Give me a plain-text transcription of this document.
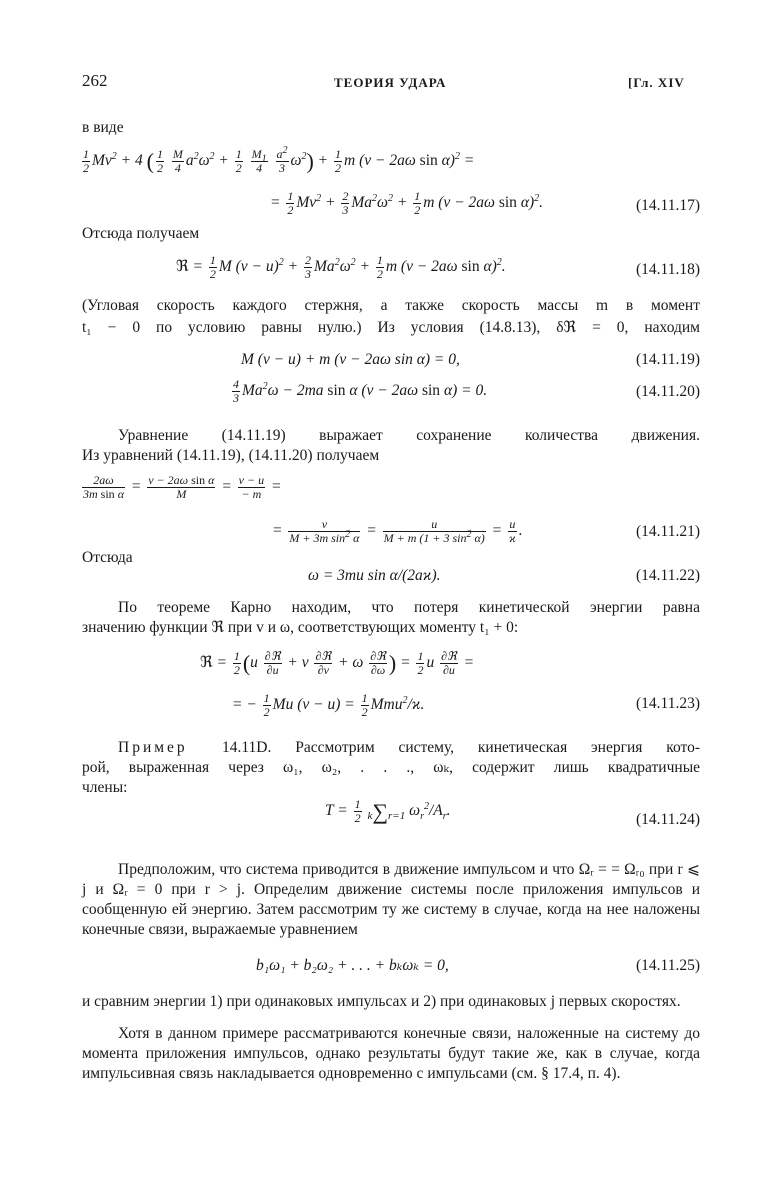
262	ТЕОРИЯ УДАРА	[Гл. XIV
в виде
$\frac{1}{2} Mv^2 + 4$ ( $\frac{1}{2}$
$\frac{M}{4} a^2\omega^2 + \frac{1}{2}$
$\frac{M_1}{4}$
$\frac{a^2}{3} \omega^2) + \frac{1}{2}$ m (v − 2aω sin α)$^2$ =
= $\frac{1}{2} Mv^2 + \frac{2}{3} Ma^2\omega^2 + \frac{1}{2}$ m (v − 2aω sin α)$^2$.	(14.11.17)
Отсюда получаем
ℜ = $\frac{1}{2}$ M $(v - u)^2 + \frac{2}{3} Ma^2\omega^2 + \frac{1}{2}$ m (v − 2aω sin α)$^2$.	(14.11.18)
(Угловая скорость каждого стержня, а также скорость массы m в момент
t₁ − 0 по условию равны нулю.) Из условия (14.8.13), δℜ = 0, находим
M (v − u) + m (v − 2aω sin α) = 0,	(14.11.19)
$\frac{4}{3} Ma^2\omega - 2ma$ sin α (v − 2aω sin α) = 0.	(14.11.20)
Уравнение (14.11.19) выражает сохранение количества движения.
Из уравнений (14.11.19), (14.11.20) получаем
$\frac{2a\omega}{\text{3m sin α}} = \frac{\text{v − 2aω sin α}}{M} = \frac{v - u}{- m}$ =
= $\frac{v}{M + 3m \sin^2 \alpha} = \frac{u}{M + m (1 + 3 \sin^2 \alpha)} = \frac{u}{ϰ}$ .	(14.11.21)
Отсюда
ω = 3mu sin α/(2aϰ).	(14.11.22)
По теореме Карно находим, что потеря кинетической энергии равна
значению функции ℜ при v и ω, соответствующих моменту t₁ + 0:
ℜ = $\frac{1}{2} (u \frac{\text{∂ℜ}}{\partial u} + v \frac{\text{∂ℜ}}{\partial v} + \omega \frac{\text{∂ℜ}}{\partial\omega}$ ) = $\frac{1}{2}$ u $\frac{\text{∂ℜ}}{\partial u}$ =
= − $\frac{1}{2}$ Mu $(v - u) = \frac{1}{2} Mmu^2/ϰ$.	(14.11.23)
Пример 14.11D. Рассмотрим систему, кинетическая энергия кото-
рой, выраженная через ω₁, ω₂, . . ., ωₖ, содержит лишь квадратичные
члены:
$T = \frac{1}{2} k\sum r=1$ $\omega_r^2/A_r$.
(14.11.24)
Предположим, что система приводится в движение импульсом и что Ωᵣ = = Ωᵣ₀ при r ⩽ j и Ωᵣ = 0 при r > j. Определим движение системы после приложения импульсов и сообщенную ей энергию. Затем рассмотрим ту же систему в случае, когда на нее наложены конечные связи, выражаемые уравнением
b₁ω₁ + b₂ω₂ + . . . + bₖωₖ = 0,	(14.11.25)
и сравним энергии 1) при одинаковых импульсах и 2) при одинаковых j первых скоростях.
Хотя в данном примере рассматриваются конечные связи, наложенные на систему до момента приложения импульсов, однако результаты будут такие же, как в случае, когда импульсивная связь накладывается одновременно с импульсами (см. § 17.4, п. 4).
